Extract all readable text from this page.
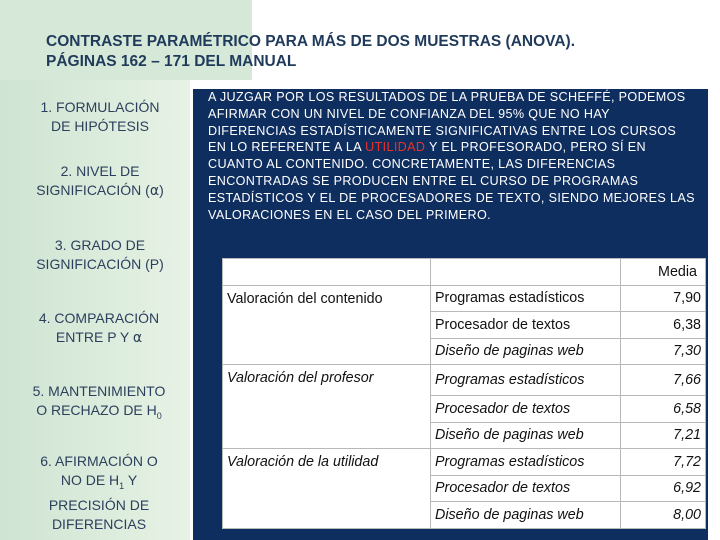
CONTRASTE PARAMÉTRICO PARA MÁS DE DOS MUESTRAS (ANOVA).
PÁGINAS 162 – 171 DEL MANUAL
1. FORMULACIÓN
DE HIPÓTESIS
2. NIVEL DE
SIGNIFICACIÓN (α)
3. GRADO DE
SIGNIFICACIÓN (P)
4. COMPARACIÓN
ENTRE P Y α
5. MANTENIMIENTO
O RECHAZO DE $H_0$
6. AFIRMACIÓN O
NO DE $H_1$ Y
PRECISIÓN DE
DIFERENCIAS
A JUZGAR POR LOS RESULTADOS DE LA PRUEBA DE SCHEFFÉ, PODEMOS AFIRMAR CON UN NIVEL DE CONFIANZA DEL 95% QUE NO HAY DIFERENCIAS ESTADÍSTICAMENTE SIGNIFICATIVAS ENTRE LOS CURSOS EN LO REFERENTE A LA UTILIDAD Y EL PROFESORADO, PERO SÍ EN CUANTO AL CONTENIDO. CONCRETAMENTE, LAS DIFERENCIAS ENCONTRADAS SE PRODUCEN ENTRE EL CURSO DE PROGRAMAS ESTADÍSTICOS Y EL DE PROCESADORES DE TEXTO, SIENDO MEJORES LAS VALORACIONES EN EL CASO DEL PRIMERO.
		Media
Valoración del contenido	Programas estadísticos	7,90
	Procesador de textos	6,38
	Diseño de paginas web	7,30
Valoración del profesor	Programas estadísticos	7,66
	Procesador de textos	6,58
	Diseño de paginas web	7,21
Valoración de la utilidad	Programas estadísticos	7,72
	Procesador de textos	6,92
	Diseño de paginas web	8,00
